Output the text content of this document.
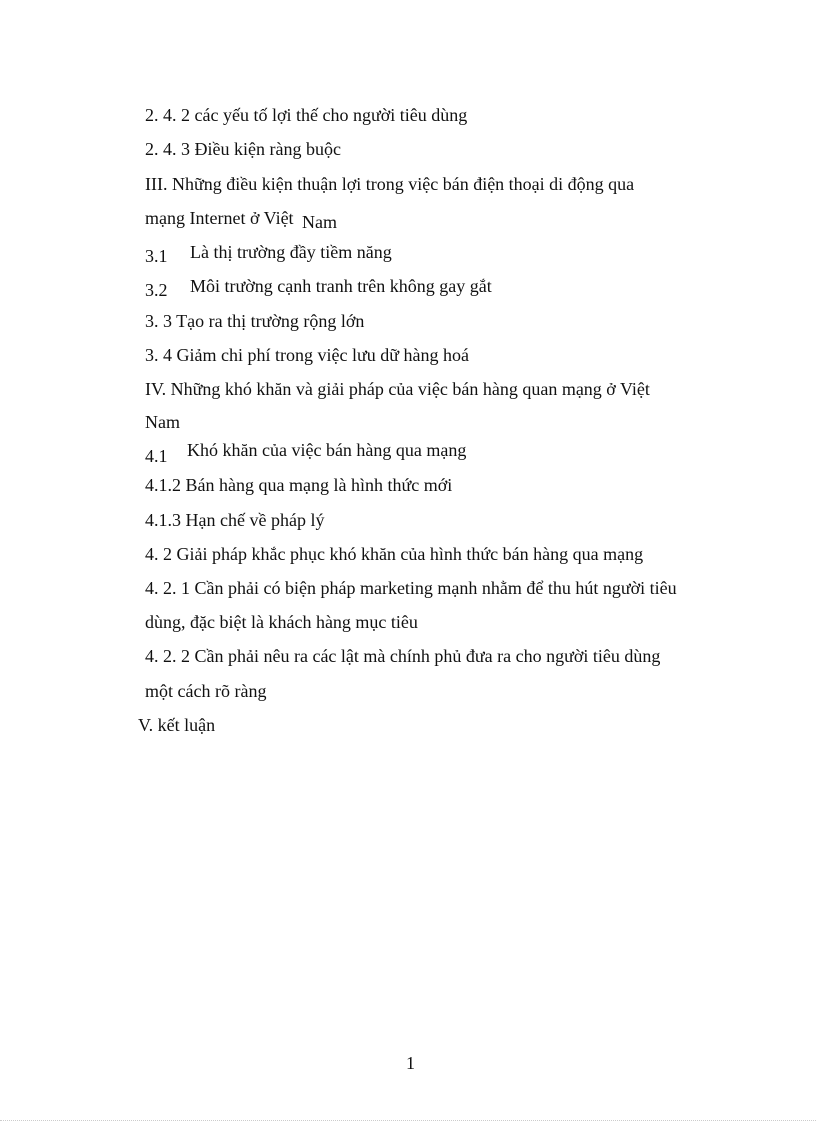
2. 4. 2 các yếu tố lợi thế cho người tiêu dùng
2. 4. 3 Điều kiện ràng buộc
III. Những điều kiện thuận lợi trong việc bán điện thoại di động qua
mạng Internet ở Việt Nam
3.1 Là thị trường đầy tiềm năng
3.2 Môi trường cạnh tranh trên không gay gắt
3. 3 Tạo ra thị trường rộng lớn
3. 4 Giảm chi phí trong việc lưu dữ hàng hoá
IV. Những khó khăn và giải pháp của việc bán hàng quan mạng ở Việt
Nam
4.1 Khó khăn của việc bán hàng qua mạng
4.1.2 Bán hàng qua mạng là hình thức mới
4.1.3 Hạn chế về pháp lý
4. 2 Giải pháp khắc phục khó khăn của hình thức bán hàng qua mạng
4. 2. 1 Cần phải có biện pháp marketing mạnh nhằm để thu hút người tiêu
dùng, đặc biệt là khách hàng mục tiêu
4. 2. 2 Cần phải nêu ra các lật mà chính phủ đưa ra cho người tiêu dùng
một cách rõ ràng
V. kết luận
1
